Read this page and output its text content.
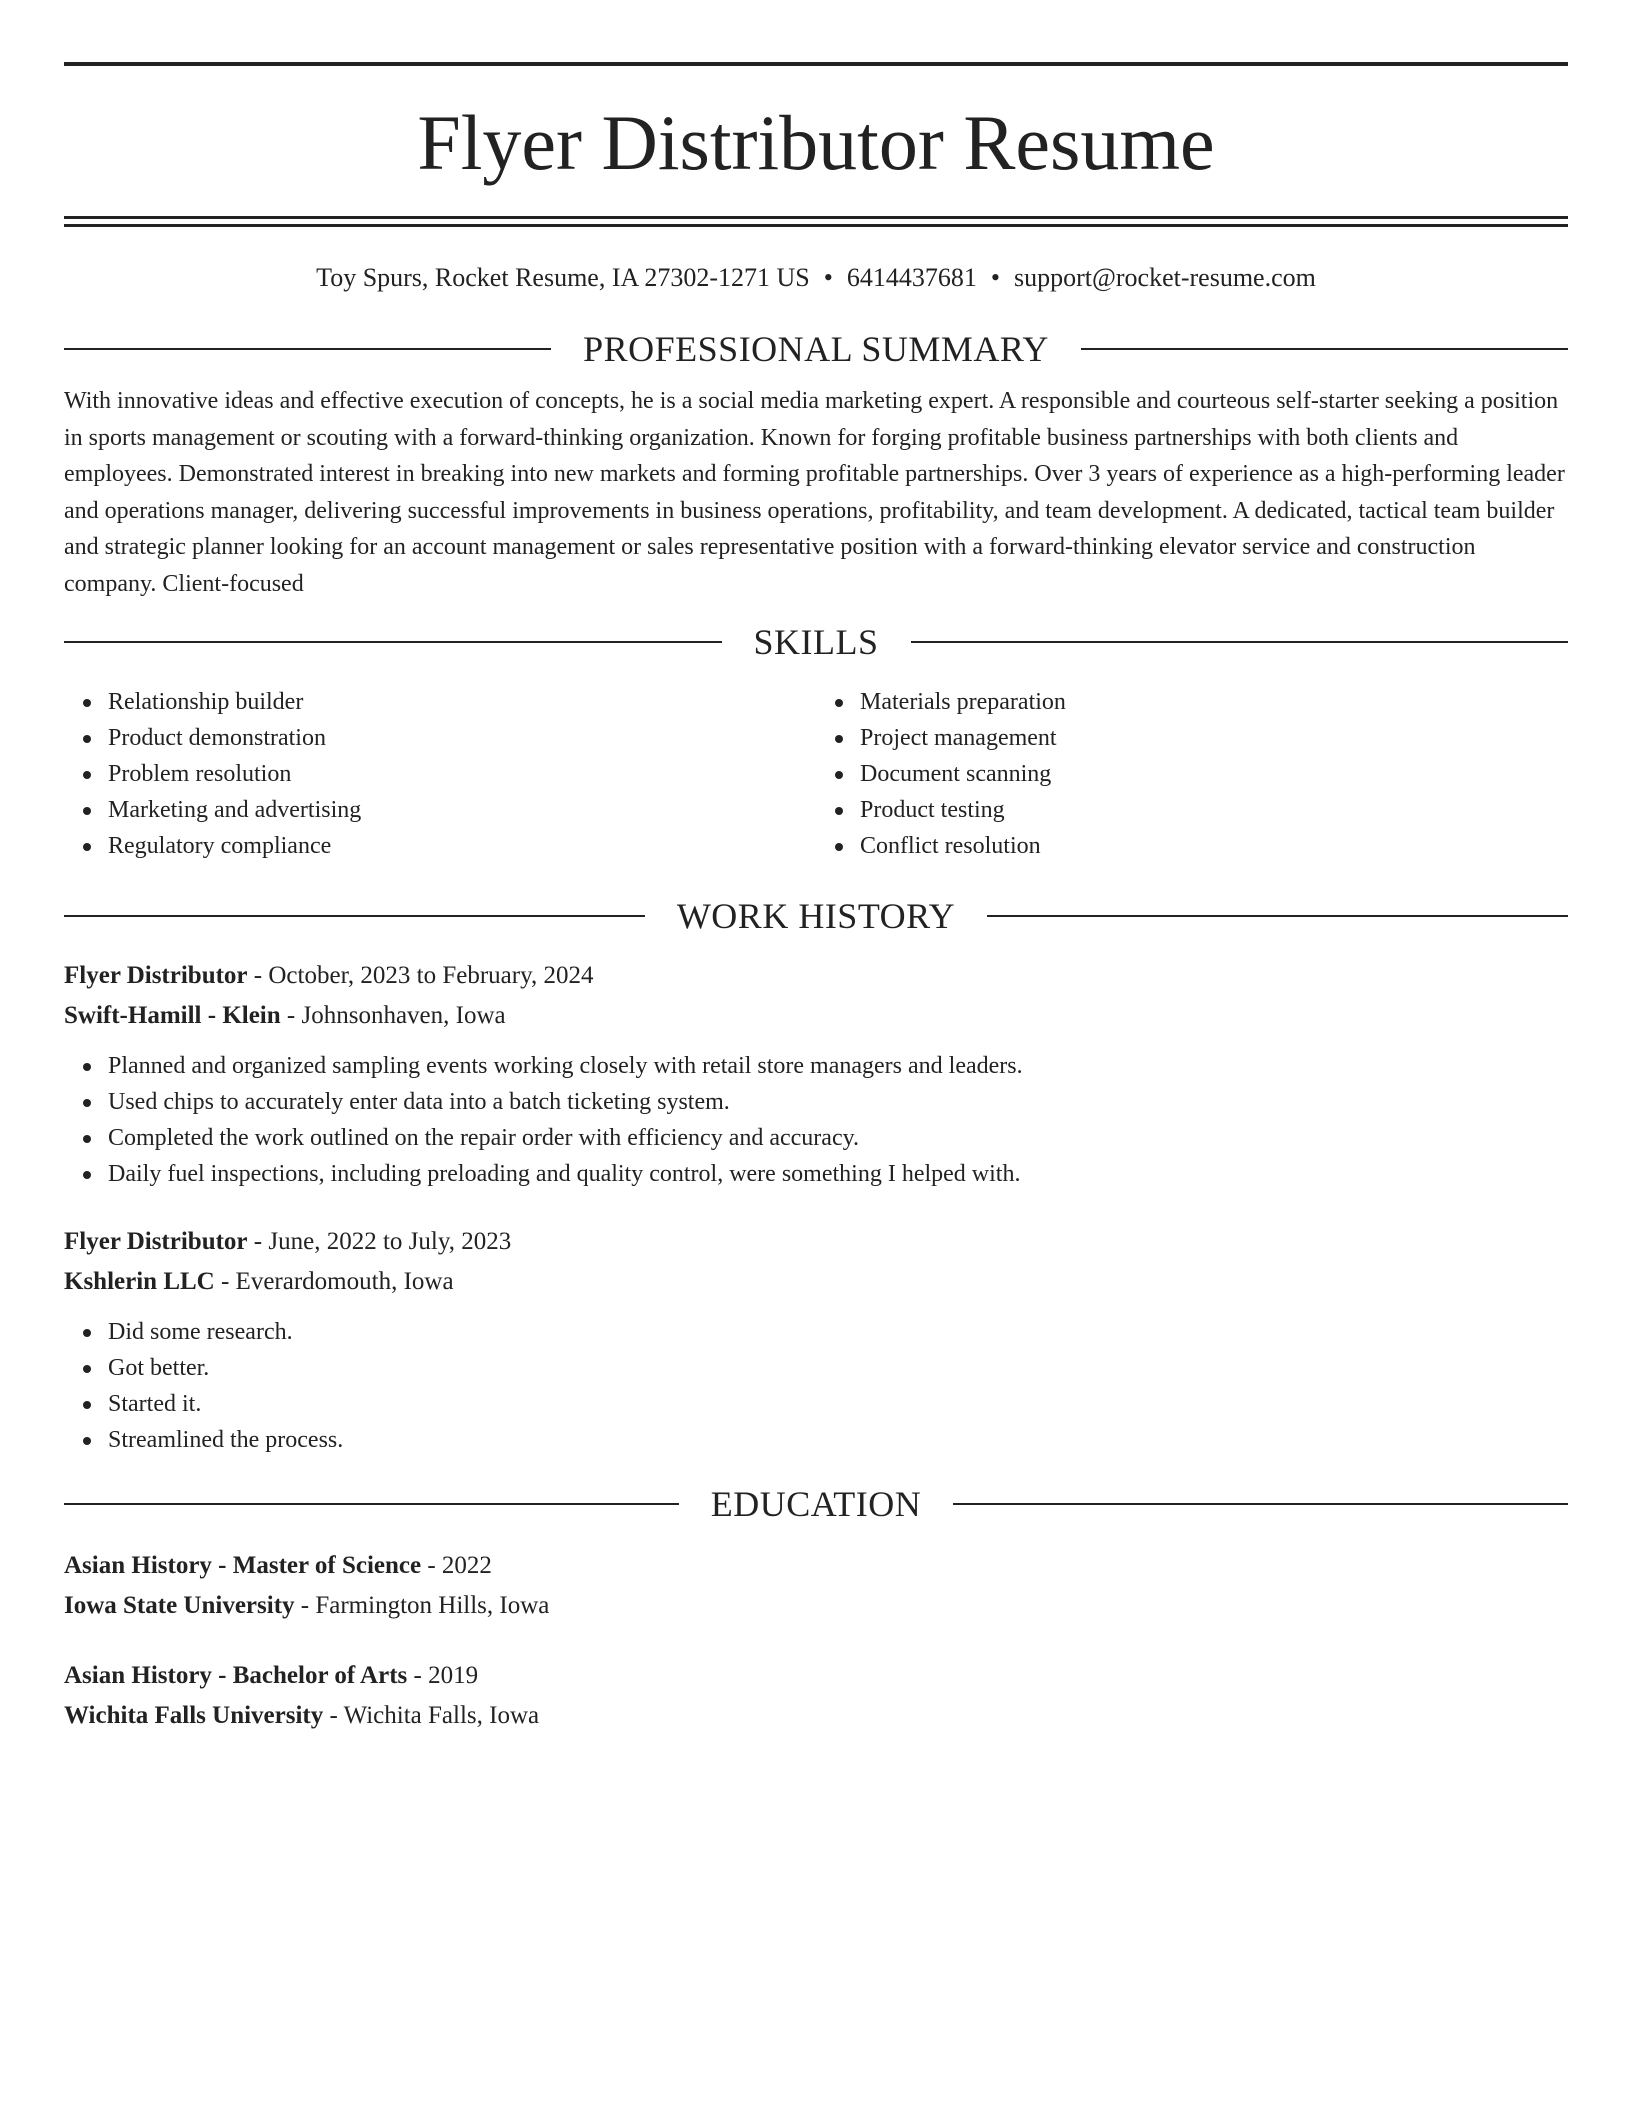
Flyer Distributor Resume
Toy Spurs, Rocket Resume, IA 27302-1271 US • 6414437681 • support@rocket-resume.com
PROFESSIONAL SUMMARY

With innovative ideas and effective execution of concepts, he is a social media marketing expert. A responsible and courteous self-starter seeking a position in sports management or scouting with a forward-thinking organization. Known for forging profitable business partnerships with both clients and employees. Demonstrated interest in breaking into new markets and forming profitable partnerships. Over 3 years of experience as a high-performing leader and operations manager, delivering successful improvements in business operations, profitability, and team development. A dedicated, tactical team builder and strategic planner looking for an account management or sales representative position with a forward-thinking elevator service and construction company. Client-focused

SKILLS
Relationship builder
Product demonstration
Problem resolution
Marketing and advertising
Regulatory compliance
Materials preparation
Project management
Document scanning
Product testing
Conflict resolution
WORK HISTORY
Flyer Distributor - October, 2023 to February, 2024
Swift-Hamill - Klein - Johnsonhaven, Iowa
Planned and organized sampling events working closely with retail store managers and leaders.
Used chips to accurately enter data into a batch ticketing system.
Completed the work outlined on the repair order with efficiency and accuracy.
Daily fuel inspections, including preloading and quality control, were something I helped with.
Flyer Distributor - June, 2022 to July, 2023
Kshlerin LLC - Everardomouth, Iowa
Did some research.
Got better.
Started it.
Streamlined the process.
EDUCATION
Asian History - Master of Science - 2022
Iowa State University - Farmington Hills, Iowa
Asian History - Bachelor of Arts - 2019
Wichita Falls University - Wichita Falls, Iowa
